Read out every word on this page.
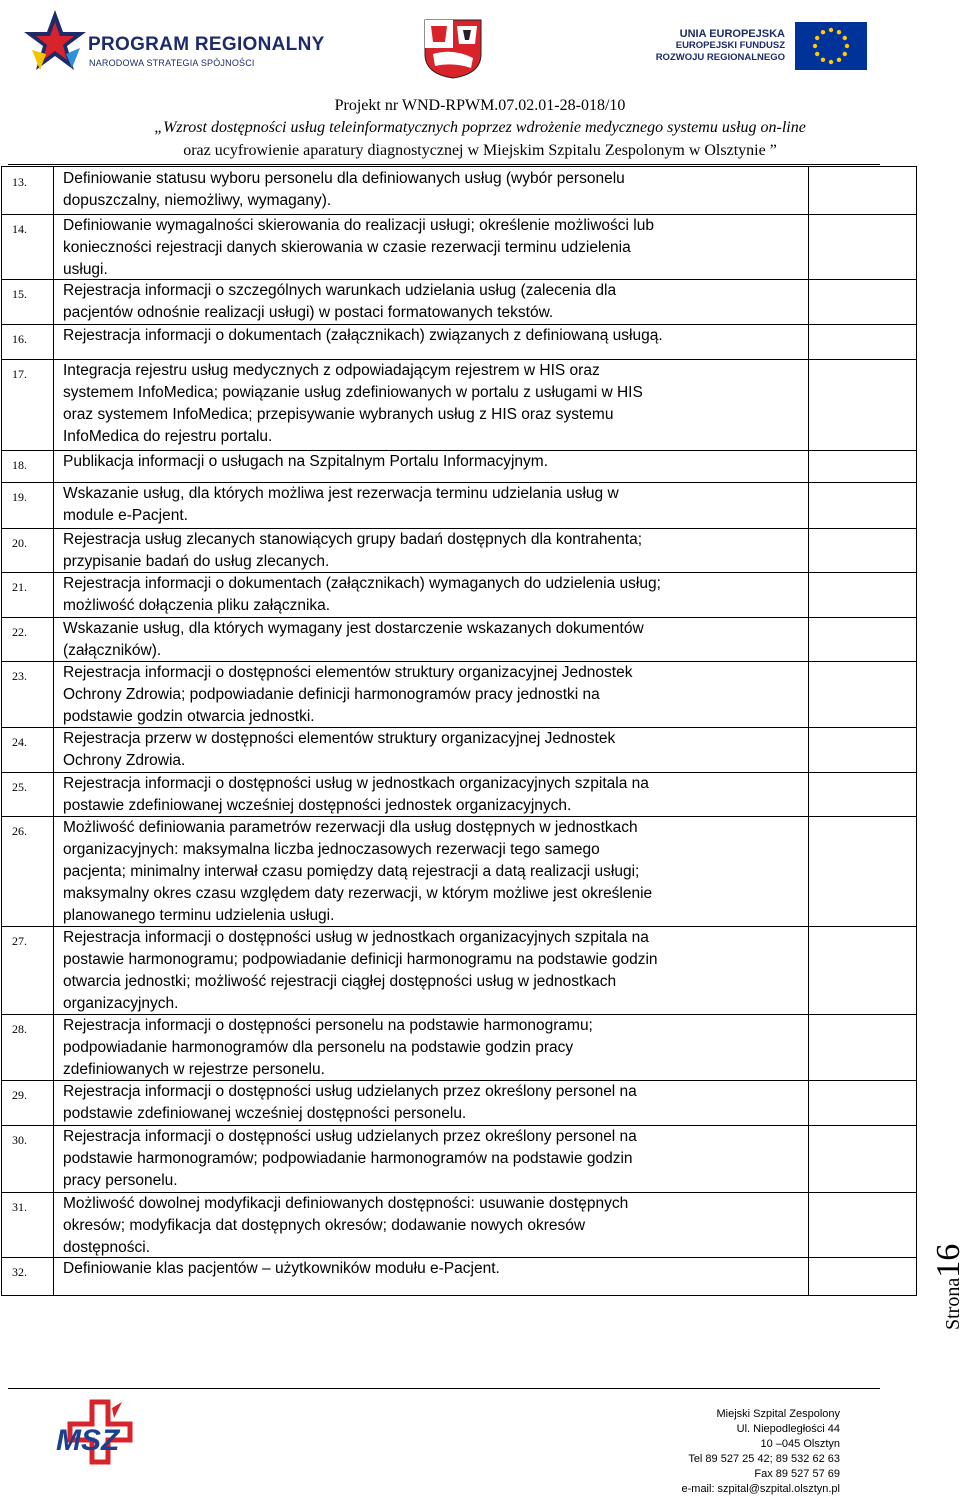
PROGRAM REGIONALNY
NARODOWA STRATEGIA SPÓJNOŚCI
UNIA EUROPEJSKA
EUROPEJSKI FUNDUSZ
ROZWOJU REGIONALNEGO
Projekt nr WND-RPWM.07.02.01-28-018/10
„Wzrost dostępności usług teleinformatycznych poprzez wdrożenie medycznego systemu usług on-line
oraz ucyfrowienie aparatury diagnostycznej w Miejskim Szpitalu Zespolonym w Olsztynie ”
13. Definiowanie statusu wyboru personelu dla definiowanych usług (wybór personelu
dopuszczalny, niemożliwy, wymagany).
14. Definiowanie wymagalności skierowania do realizacji usługi; określenie możliwości lub
konieczności rejestracji danych skierowania w czasie rezerwacji terminu udzielenia
usługi.
15. Rejestracja informacji o szczególnych warunkach udzielania usług (zalecenia dla
pacjentów odnośnie realizacji usługi) w postaci formatowanych tekstów.
16. Rejestracja informacji o dokumentach (załącznikach) związanych z definiowaną usługą.
17. Integracja rejestru usług medycznych z odpowiadającym rejestrem w HIS oraz
systemem InfoMedica; powiązanie usług zdefiniowanych w portalu z usługami w HIS
oraz systemem InfoMedica; przepisywanie wybranych usług z HIS oraz systemu
InfoMedica do rejestru portalu.
18. Publikacja informacji o usługach na Szpitalnym Portalu Informacyjnym.
19. Wskazanie usług, dla których możliwa jest rezerwacja terminu udzielania usług w
module e-Pacjent.
20. Rejestracja usług zlecanych stanowiących grupy badań dostępnych dla kontrahenta;
przypisanie badań do usług zlecanych.
21. Rejestracja informacji o dokumentach (załącznikach) wymaganych do udzielenia usług;
możliwość dołączenia pliku załącznika.
22. Wskazanie usług, dla których wymagany jest dostarczenie wskazanych dokumentów
(załączników).
23. Rejestracja informacji o dostępności elementów struktury organizacyjnej Jednostek
Ochrony Zdrowia; podpowiadanie definicji harmonogramów pracy jednostki na
podstawie godzin otwarcia jednostki.
24. Rejestracja przerw w dostępności elementów struktury organizacyjnej Jednostek
Ochrony Zdrowia.
25. Rejestracja informacji o dostępności usług w jednostkach organizacyjnych szpitala na
postawie zdefiniowanej wcześniej dostępności jednostek organizacyjnych.
26. Możliwość definiowania parametrów rezerwacji dla usług dostępnych w jednostkach
organizacyjnych: maksymalna liczba jednoczasowych rezerwacji tego samego
pacjenta; minimalny interwał czasu pomiędzy datą rejestracji a datą realizacji usługi;
maksymalny okres czasu względem daty rezerwacji, w którym możliwe jest określenie
planowanego terminu udzielenia usługi.
27. Rejestracja informacji o dostępności usług w jednostkach organizacyjnych szpitala na
postawie harmonogramu; podpowiadanie definicji harmonogramu na podstawie godzin
otwarcia jednostki; możliwość rejestracji ciągłej dostępności usług w jednostkach
organizacyjnych.
28. Rejestracja informacji o dostępności personelu na podstawie harmonogramu;
podpowiadanie harmonogramów dla personelu na podstawie godzin pracy
zdefiniowanych w rejestrze personelu.
29. Rejestracja informacji o dostępności usług udzielanych przez określony personel na
podstawie zdefiniowanej wcześniej dostępności personelu.
30. Rejestracja informacji o dostępności usług udzielanych przez określony personel na
podstawie harmonogramów; podpowiadanie harmonogramów na podstawie godzin
pracy personelu.
31. Możliwość dowolnej modyfikacji definiowanych dostępności: usuwanie dostępnych
okresów; modyfikacja dat dostępnych okresów; dodawanie nowych okresów
dostępności.
32. Definiowanie klas pacjentów – użytkowników modułu e-Pacjent.
Strona16
MSZ
Miejski Szpital Zespolony
Ul. Niepodległości 44
10 –045 Olsztyn
Tel 89 527 25 42; 89 532 62 63
Fax 89 527 57 69
e-mail: szpital@szpital.olsztyn.pl
